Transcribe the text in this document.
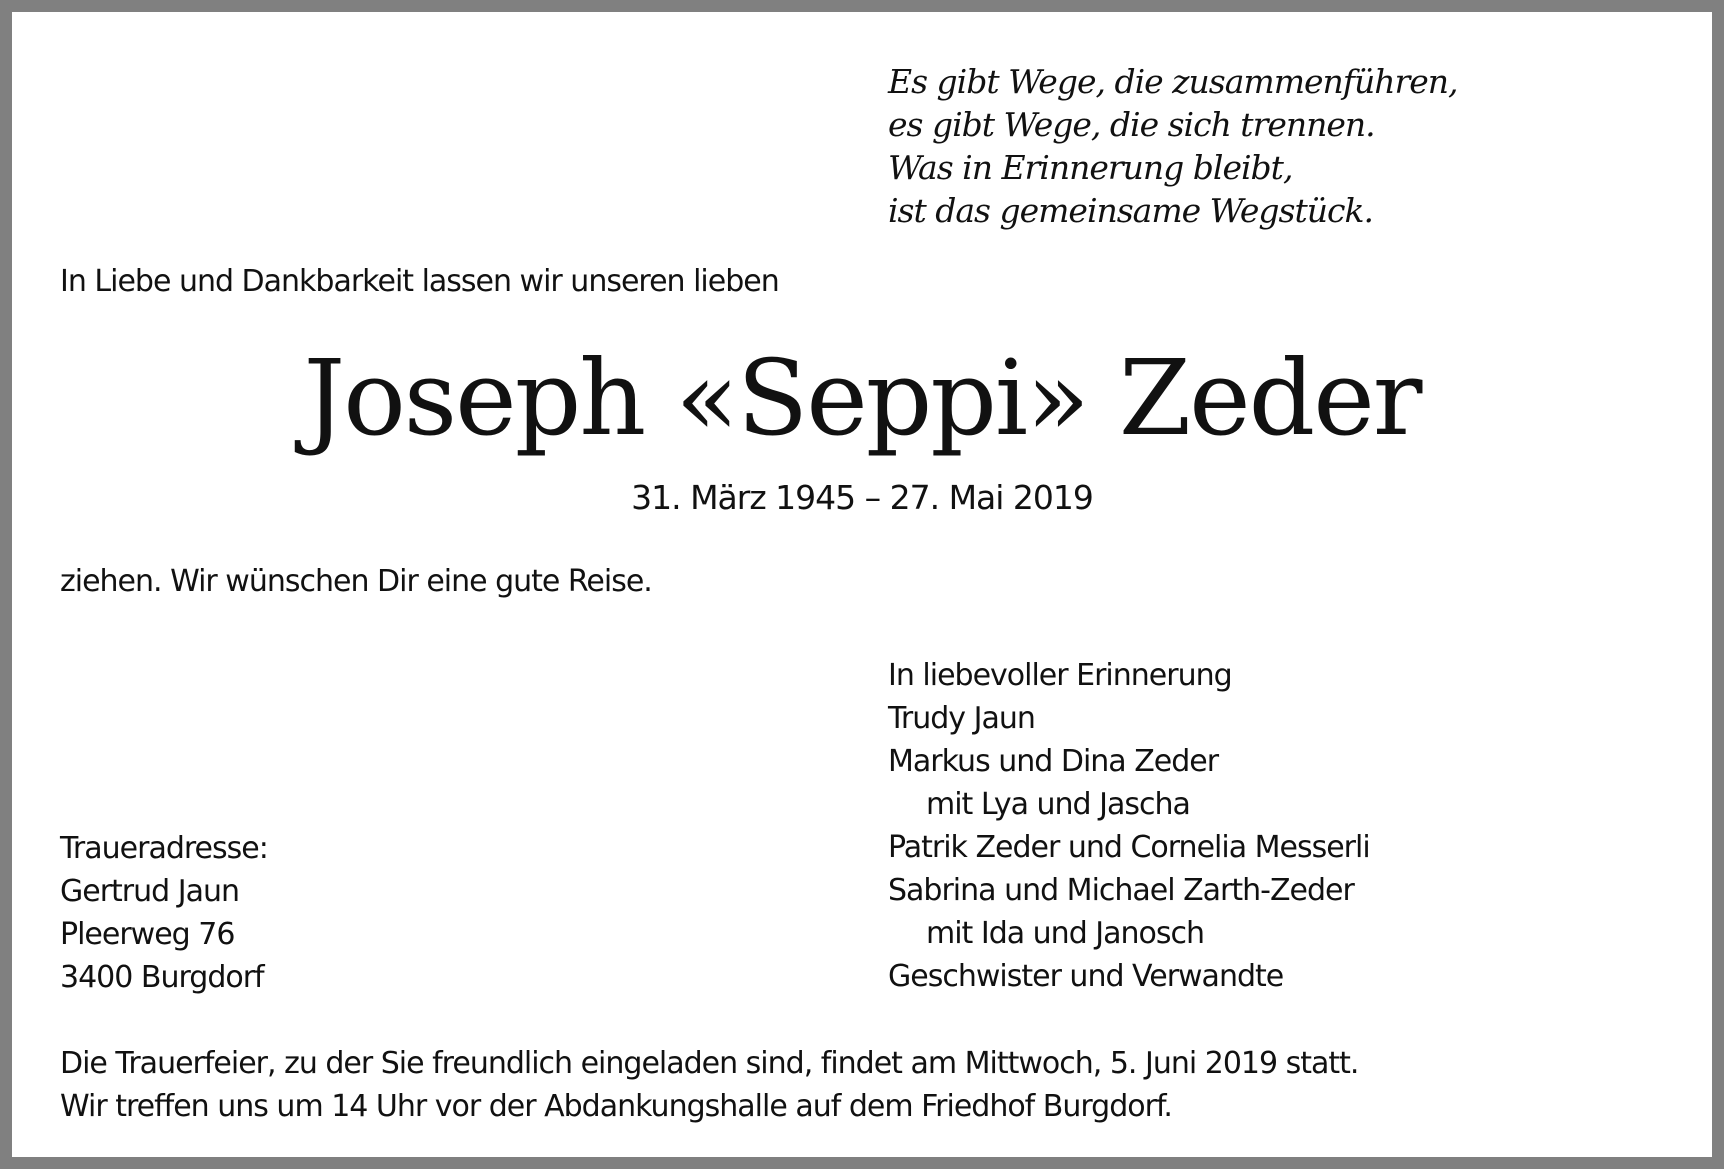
Es gibt Wege, die zusammenführen,
es gibt Wege, die sich trennen.
Was in Erinnerung bleibt,
ist das gemeinsame Wegstück.
In Liebe und Dankbarkeit lassen wir unseren lieben
Joseph «Seppi» Zeder
31. März 1945 – 27. Mai 2019
ziehen. Wir wünschen Dir eine gute Reise.
In liebevoller Erinnerung
Trudy Jaun
Markus und Dina Zeder
mit Lya und Jascha
Patrik Zeder und Cornelia Messerli
Sabrina und Michael Zarth-Zeder
mit Ida und Janosch
Geschwister und Verwandte
Traueradresse:
Gertrud Jaun
Pleerweg 76
3400 Burgdorf
Die Trauerfeier, zu der Sie freundlich eingeladen sind, findet am Mittwoch, 5. Juni 2019 statt.
Wir treffen uns um 14 Uhr vor der Abdankungshalle auf dem Friedhof Burgdorf.
